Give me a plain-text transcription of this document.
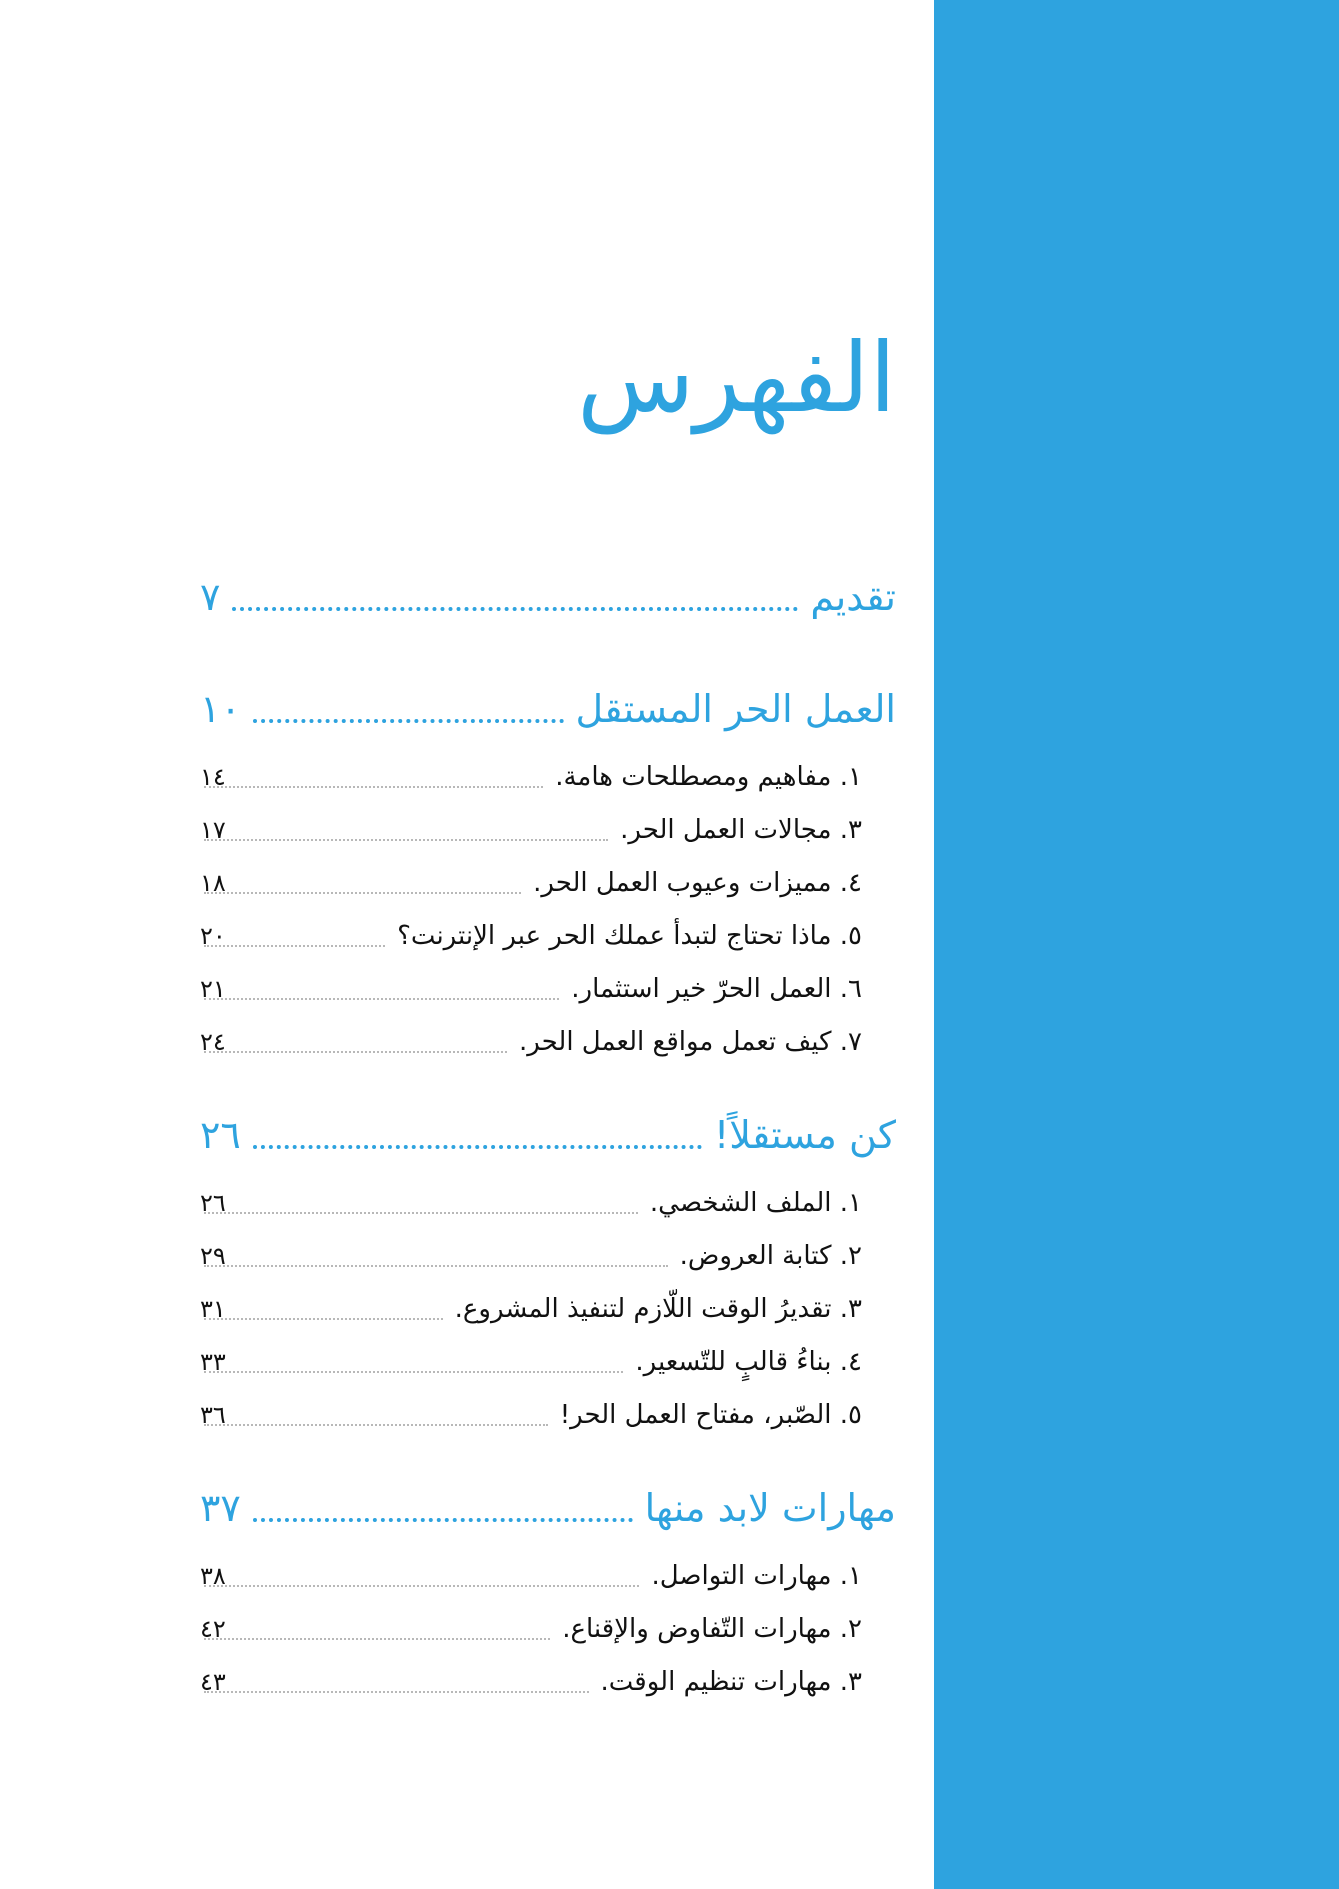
الفهرس
تقديم
٧
العمل الحر المستقل
١٠
١. مفاهيم ومصطلحات هامة.
١٤
٣. مجالات العمل الحر.
١٧
٤. مميزات وعيوب العمل الحر.
١٨
٥. ماذا تحتاج لتبدأ عملك الحر عبر الإنترنت؟
٢٠
٦. العمل الحرّ خير استثمار.
٢١
٧. كيف تعمل مواقع العمل الحر.
٢٤
كن مستقلاً!
٢٦
١. الملف الشخصي.
٢٦
٢. كتابة العروض.
٢٩
٣. تقديرُ الوقت اللّازم لتنفيذ المشروع.
٣١
٤. بناءُ قالبٍ للتّسعير.
٣٣
٥. الصّبر، مفتاح العمل الحر!
٣٦
مهارات لابد منها
٣٧
١. مهارات التواصل.
٣٨
٢. مهارات التّفاوض والإقناع.
٤٢
٣. مهارات تنظيم الوقت.
٤٣
